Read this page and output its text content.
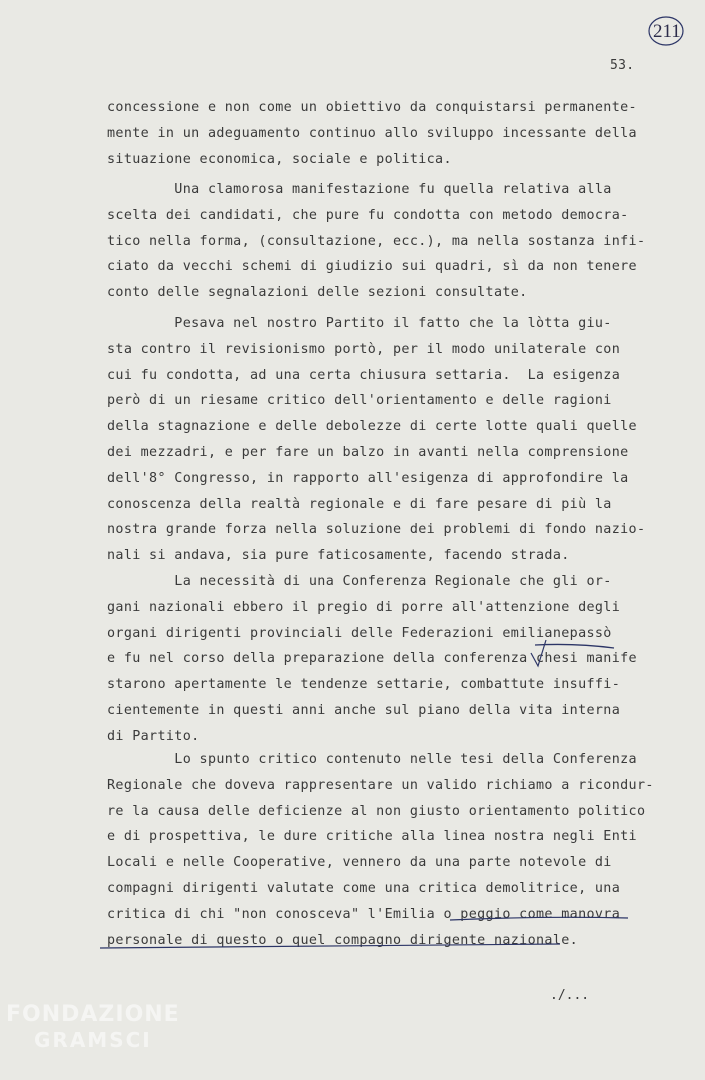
211
53.
concessione e non come un obiettivo da conquistarsi permanente-
mente in un adeguamento continuo allo sviluppo incessante della
situazione economica, sociale e politica.
Una clamorosa manifestazione fu quella relativa alla
scelta dei candidati, che pure fu condotta con metodo democra-
tico nella forma, (consultazione, ecc.), ma nella sostanza infi-
ciato da vecchi schemi di giudizio sui quadri, sì da non tenere
conto delle segnalazioni delle sezioni consultate.
Pesava nel nostro Partito il fatto che la lòtta giu-
sta contro il revisionismo portò, per il modo unilaterale con
cui fu condotta, ad una certa chiusura settaria.  La esigenza
però di un riesame critico dell'orientamento e delle ragioni
della stagnazione e delle debolezze di certe lotte quali quelle
dei mezzadri, e per fare un balzo in avanti nella comprensione
dell'8° Congresso, in rapporto all'esigenza di approfondire la
conoscenza della realtà regionale e di fare pesare di più la
nostra grande forza nella soluzione dei problemi di fondo nazio-
nali si andava, sia pure faticosamente, facendo strada.
La necessità di una Conferenza Regionale che gli or-
gani nazionali ebbero il pregio di porre all'attenzione degli
organi dirigenti provinciali delle Federazioni emilianepassò
e fu nel corso della preparazione della conferenza chesi manife
starono apertamente le tendenze settarie, combattute insuffi-
cientemente in questi anni anche sul piano della vita interna
di Partito.
Lo spunto critico contenuto nelle tesi della Conferenza
Regionale che doveva rappresentare un valido richiamo a ricondur-
re la causa delle deficienze al non giusto orientamento politico
e di prospettiva, le dure critiche alla linea nostra negli Enti
Locali e nelle Cooperative, vennero da una parte notevole di
compagni dirigenti valutate come una critica demolitrice, una
critica di chi "non conosceva" l'Emilia o peggio come manovra
personale di questo o quel compagno dirigente nazionale.
./...
FONDAZIONE
GRAMSCI
